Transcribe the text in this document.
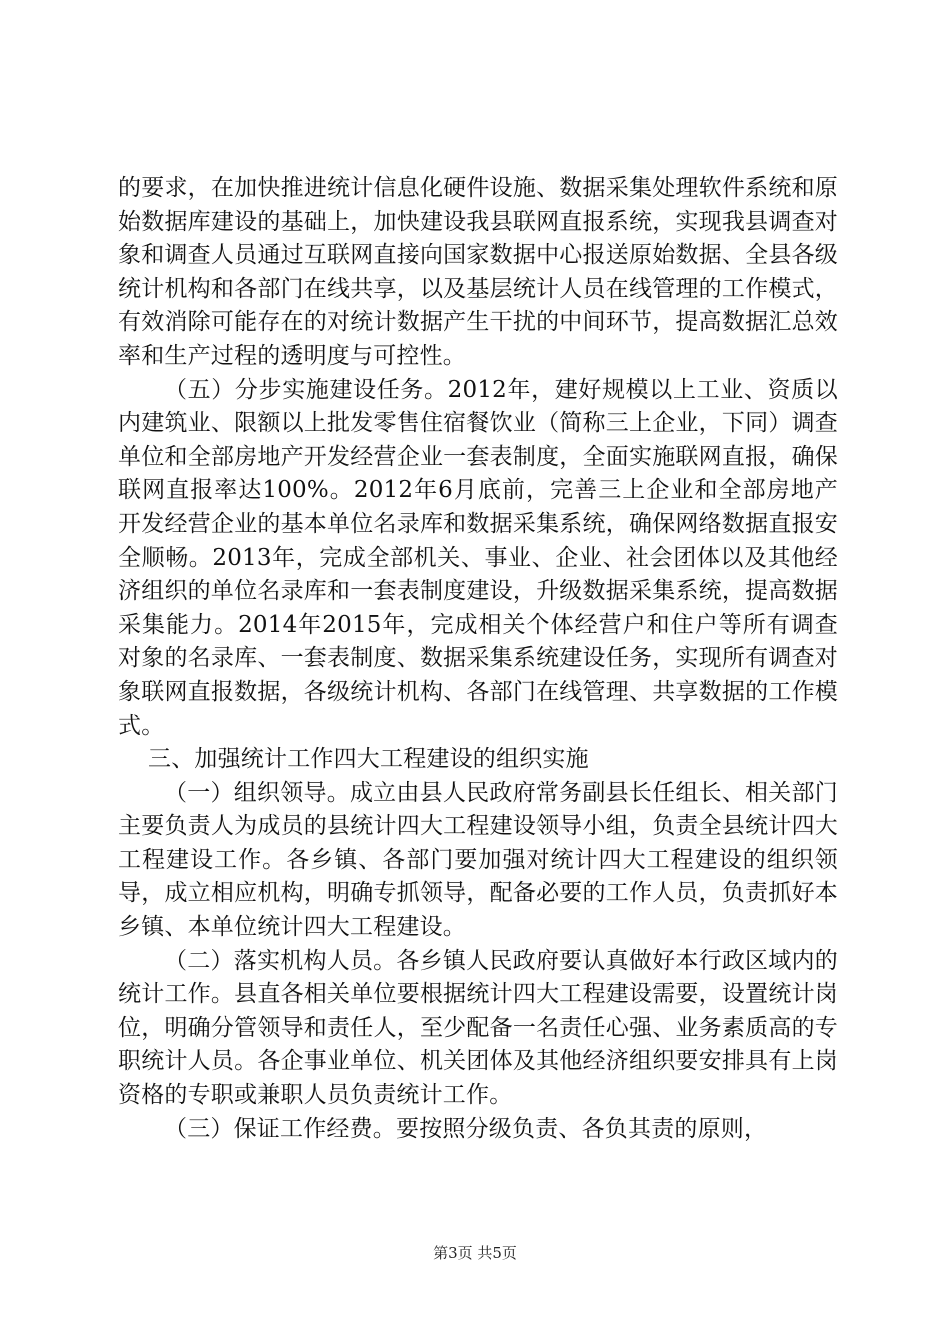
的要求，在加快推进统计信息化硬件设施、数据采集处理软件系统和原始数据库建设的基础上，加快建设我县联网直报系统，实现我县调查对象和调查人员通过互联网直接向国家数据中心报送原始数据、全县各级统计机构和各部门在线共享，以及基层统计人员在线管理的工作模式，有效消除可能存在的对统计数据产生干扰的中间环节，提高数据汇总效率和生产过程的透明度与可控性。

（五）分步实施建设任务。2012年，建好规模以上工业、资质以内建筑业、限额以上批发零售住宿餐饮业（简称三上企业，下同）调查单位和全部房地产开发经营企业一套表制度，全面实施联网直报，确保联网直报率达100%。2012年6月底前，完善三上企业和全部房地产开发经营企业的基本单位名录库和数据采集系统，确保网络数据直报安全顺畅。2013年，完成全部机关、事业、企业、社会团体以及其他经济组织的单位名录库和一套表制度建设，升级数据采集系统，提高数据采集能力。2014年2015年，完成相关个体经营户和住户等所有调查对象的名录库、一套表制度、数据采集系统建设任务，实现所有调查对象联网直报数据，各级统计机构、各部门在线管理、共享数据的工作模式。

三、加强统计工作四大工程建设的组织实施

（一）组织领导。成立由县人民政府常务副县长任组长、相关部门主要负责人为成员的县统计四大工程建设领导小组，负责全县统计四大工程建设工作。各乡镇、各部门要加强对统计四大工程建设的组织领导，成立相应机构，明确专抓领导，配备必要的工作人员，负责抓好本乡镇、本单位统计四大工程建设。

（二）落实机构人员。各乡镇人民政府要认真做好本行政区域内的统计工作。县直各相关单位要根据统计四大工程建设需要，设置统计岗位，明确分管领导和责任人，至少配备一名责任心强、业务素质高的专职统计人员。各企事业单位、机关团体及其他经济组织要安排具有上岗资格的专职或兼职人员负责统计工作。

（三）保证工作经费。要按照分级负责、各负其责的原则，

第3页 共5页
